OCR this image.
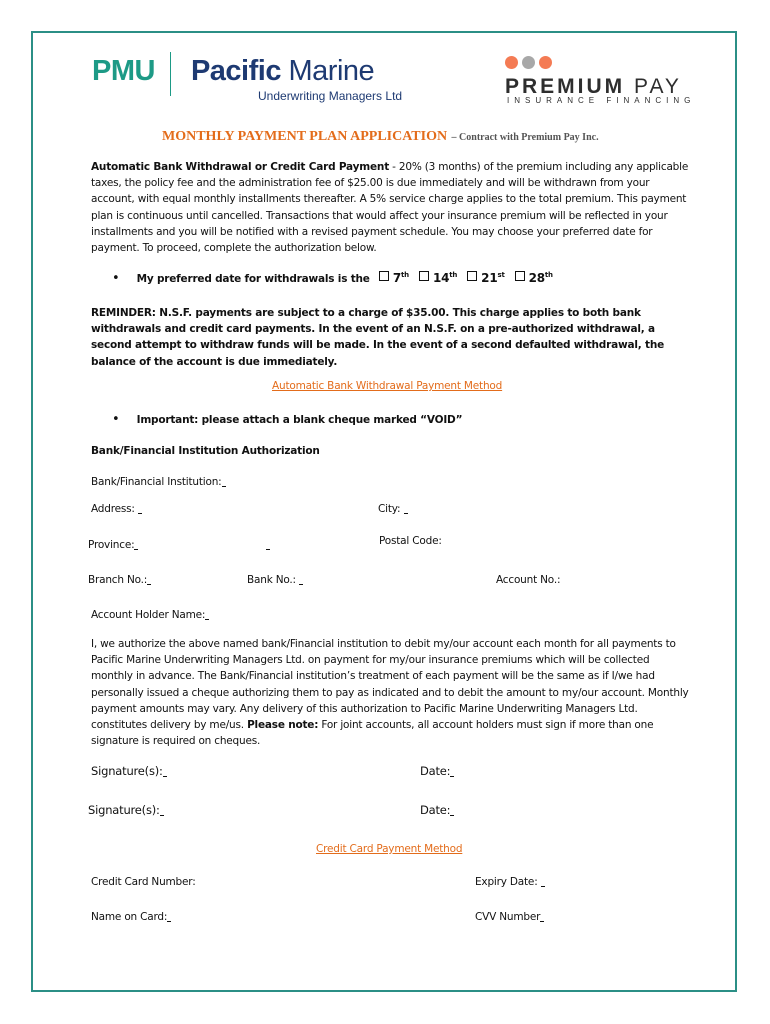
PMU Pacific Marine
Underwriting Managers Ltd	PREMIUM PAY
INSURANCE FINANCING
MONTHLY PAYMENT PLAN APPLICATION – Contract with Premium Pay Inc.
Automatic Bank Withdrawal or Credit Card Payment - 20% (3 months) of the premium including any applicable taxes, the policy fee and the administration fee of $25.00 is due immediately and will be withdrawn from your account, with equal monthly installments thereafter. A 5% service charge applies to the total premium. This payment plan is continuous until cancelled. Transactions that would affect your insurance premium will be reflected in your installments and you will be notified with a revised payment schedule. You may choose your preferred date for payment. To proceed, complete the authorization below.
• My preferred date for withdrawals is the 7th 14th 21st 28th
REMINDER: N.S.F. payments are subject to a charge of $35.00. This charge applies to both bank withdrawals and credit card payments. In the event of an N.S.F. on a pre-authorized withdrawal, a second attempt to withdraw funds will be made. In the event of a second defaulted withdrawal, the balance of the account is due immediately.
Automatic Bank Withdrawal Payment Method
• Important: please attach a blank cheque marked “VOID”
Bank/Financial Institution Authorization
Bank/Financial Institution:
Address:	City:
Province:	Postal Code:
Branch No.:	Bank No.:	Account No.:
Account Holder Name:
I, we authorize the above named bank/Financial institution to debit my/our account each month for all payments to Pacific Marine Underwriting Managers Ltd. on payment for my/our insurance premiums which will be collected monthly in advance. The Bank/Financial institution’s treatment of each payment will be the same as if I/we had personally issued a cheque authorizing them to pay as indicated and to debit the amount to my/our account. Monthly payment amounts may vary. Any delivery of this authorization to Pacific Marine Underwriting Managers Ltd. constitutes delivery by me/us. Please note: For joint accounts, all account holders must sign if more than one signature is required on cheques.
Signature(s):	Date:
Signature(s):	Date:
Credit Card Payment Method
Credit Card Number:	Expiry Date:
Name on Card:	CVV Number
